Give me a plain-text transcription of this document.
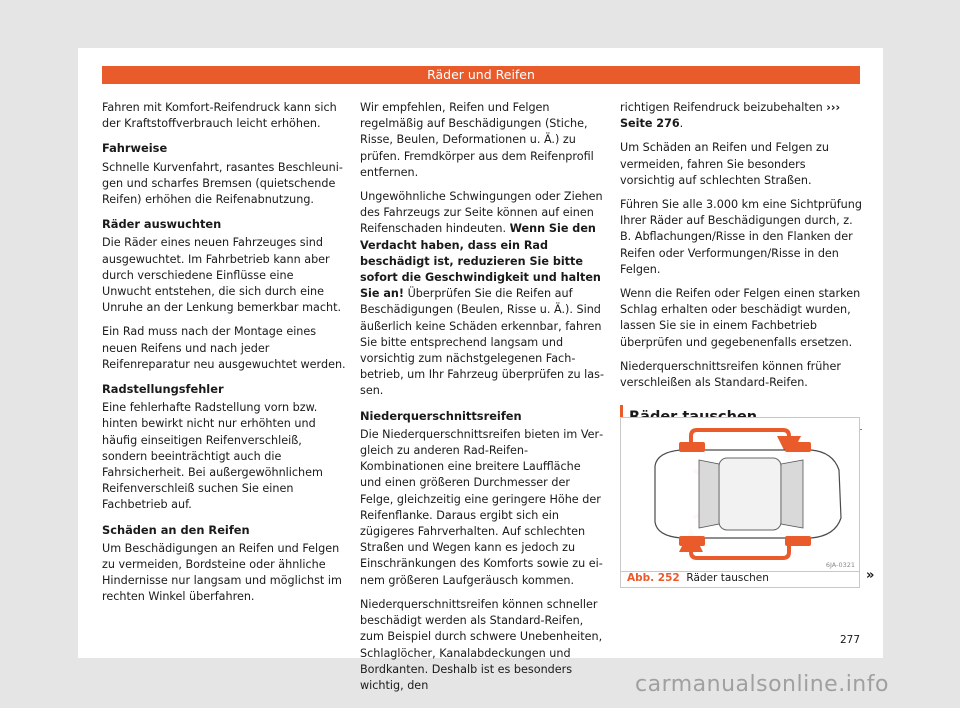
Räder und Reifen

Fahren mit Komfort-Reifendruck kann sich der Kraftstoffverbrauch leicht erhöhen.

Fahrweise

Schnelle Kurvenfahrt, rasantes Beschleunigen und scharfes Bremsen (quietschende Reifen) erhöhen die Reifenabnutzung.

Räder auswuchten

Die Räder eines neuen Fahrzeuges sind ausgewuchtet. Im Fahrbetrieb kann aber durch verschiedene Einflüsse eine Unwucht entstehen, die sich durch eine Unruhe an der Lenkung bemerkbar macht.

Ein Rad muss nach der Montage eines neuen Reifens und nach jeder Reifenreparatur neu ausgewuchtet werden.

Radstellungsfehler

Eine fehlerhafte Radstellung vorn bzw. hinten bewirkt nicht nur erhöhten und häufig einseitigen Reifenverschleiß, sondern beeinträchtigt auch die Fahrsicherheit. Bei außergewöhnlichem Reifenverschleiß suchen Sie einen Fachbetrieb auf.

Schäden an den Reifen

Um Beschädigungen an Reifen und Felgen zu vermeiden, Bordsteine oder ähnliche Hindernisse nur langsam und möglichst im rechten Winkel überfahren.

Wir empfehlen, Reifen und Felgen regelmäßig auf Beschädigungen (Stiche, Risse, Beulen, Deformationen u. Ä.) zu prüfen. Fremdkörper aus dem Reifenprofil entfernen.

Ungewöhnliche Schwingungen oder Ziehen des Fahrzeugs zur Seite können auf einen Reifenschaden hindeuten. Wenn Sie den Verdacht haben, dass ein Rad beschädigt ist, reduzieren Sie bitte sofort die Geschwindigkeit und halten Sie an! Überprüfen Sie die Reifen auf Beschädigungen (Beulen, Risse u. Ä.). Sind äußerlich keine Schäden erkennbar, fahren Sie bitte entsprechend langsam und vorsichtig zum nächstgelegenen Fachbetrieb, um Ihr Fahrzeug überprüfen zu lassen.

Niederquerschnittsreifen

Die Niederquerschnittsreifen bieten im Vergleich zu anderen Rad-Reifen-Kombinationen eine breitere Lauffläche und einen größeren Durchmesser der Felge, gleichzeitig eine geringere Höhe der Reifenflanke. Daraus ergibt sich ein zügigeres Fahrverhalten. Auf schlechten Straßen und Wegen kann es jedoch zu Einschränkungen des Komforts sowie zu einem größeren Laufgeräusch kommen.

Niederquerschnittsreifen können schneller beschädigt werden als Standard-Reifen, zum Beispiel durch schwere Unebenheiten, Schlaglöcher, Kanalabdeckungen und Bordkanten. Deshalb ist es besonders wichtig, den

richtigen Reifendruck beizubehalten ››› Seite 276.

Um Schäden an Reifen und Felgen zu vermeiden, fahren Sie besonders vorsichtig auf schlechten Straßen.

Führen Sie alle 3.000 km eine Sichtprüfung Ihrer Räder auf Beschädigungen durch, z. B. Abflachungen/Risse in den Flanken der Reifen oder Verformungen/Risse in den Felgen.

Wenn die Reifen oder Felgen einen starken Schlag erhalten oder beschädigt wurden, lassen Sie sie in einem Fachbetrieb überprüfen und gegebenenfalls ersetzen.

Niederquerschnittsreifen können früher verschleißen als Standard-Reifen.

6JA-0321
Abb. 252 Räder tauschen	»
277
carmanualsonline.info
